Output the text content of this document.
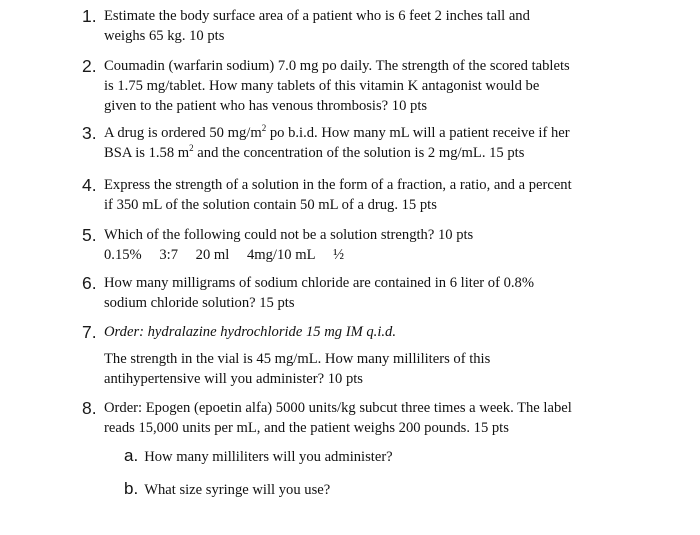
1. Estimate the body surface area of a patient who is 6 feet 2 inches tall and
weighs 65 kg. 10 pts
2. Coumadin (warfarin sodium) 7.0 mg po daily. The strength of the scored tablets
is 1.75 mg/tablet. How many tablets of this vitamin K antagonist would be
given to the patient who has venous thrombosis? 10 pts
3. A drug is ordered 50 $mg/m^2$ po b.i.d. How many mL will a patient receive if her
BSA is 1.58 $m^2$ and the concentration of the solution is 2 mg/mL. 15 pts
4. Express the strength of a solution in the form of a fraction, a ratio, and a percent
if 350 mL of the solution contain 50 mL of a drug. 15 pts
5. Which of the following could not be a solution strength? 10 pts
0.15% 3:7 20 ml 4mg/10 mL ½
6. How many milligrams of sodium chloride are contained in 6 liter of 0.8%
sodium chloride solution? 15 pts
7. Order: hydralazine hydrochloride 15 mg IM q.i.d.
The strength in the vial is 45 mg/mL. How many milliliters of this
antihypertensive will you administer? 10 pts
8. Order: Epogen (epoetin alfa) 5000 units/kg subcut three times a week. The label
reads 15,000 units per mL, and the patient weighs 200 pounds. 15 pts
a. How many milliliters will you administer?
b. What size syringe will you use?
